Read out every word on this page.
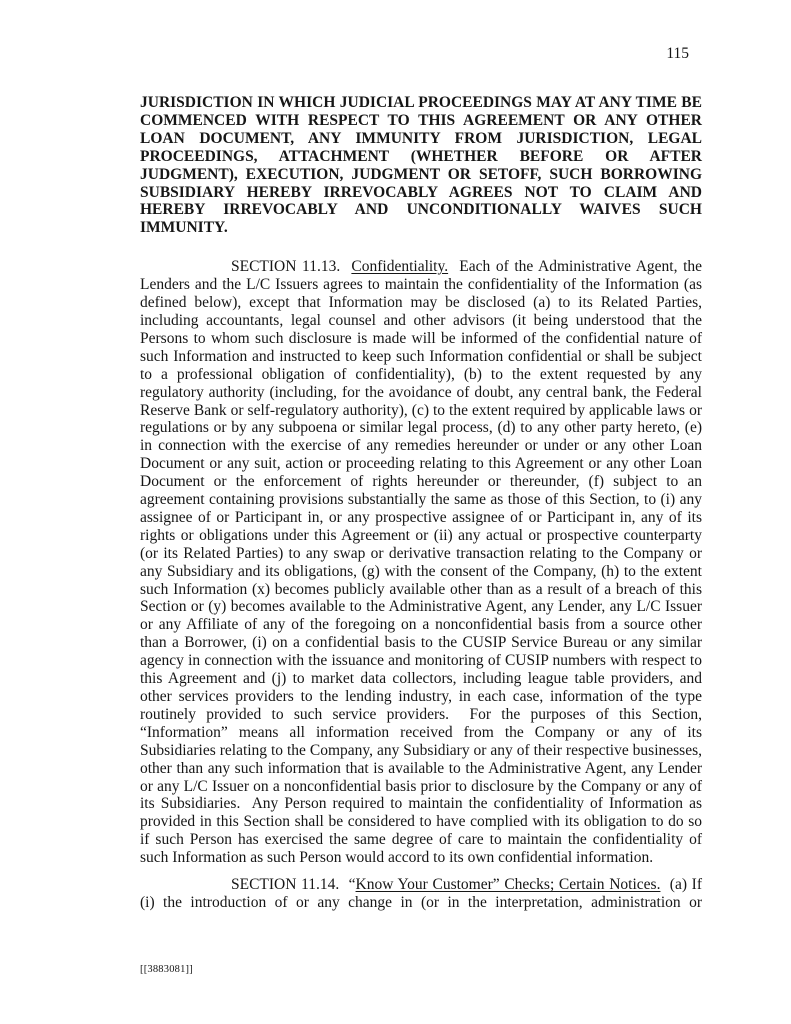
115

JURISDICTION IN WHICH JUDICIAL PROCEEDINGS MAY AT ANY TIME BE COMMENCED WITH RESPECT TO THIS AGREEMENT OR ANY OTHER LOAN DOCUMENT, ANY IMMUNITY FROM JURISDICTION, LEGAL PROCEEDINGS, ATTACHMENT (WHETHER BEFORE OR AFTER JUDGMENT), EXECUTION, JUDGMENT OR SETOFF, SUCH BORROWING SUBSIDIARY HEREBY IRREVOCABLY AGREES NOT TO CLAIM AND HEREBY IRREVOCABLY AND UNCONDITIONALLY WAIVES SUCH IMMUNITY.

SECTION 11.13.  Confidentiality.  Each of the Administrative Agent, the Lenders and the L/C Issuers agrees to maintain the confidentiality of the Information (as defined below), except that Information may be disclosed (a) to its Related Parties, including accountants, legal counsel and other advisors (it being understood that the Persons to whom such disclosure is made will be informed of the confidential nature of such Information and instructed to keep such Information confidential or shall be subject to a professional obligation of confidentiality), (b) to the extent requested by any regulatory authority (including, for the avoidance of doubt, any central bank, the Federal Reserve Bank or self-regulatory authority), (c) to the extent required by applicable laws or regulations or by any subpoena or similar legal process, (d) to any other party hereto, (e) in connection with the exercise of any remedies hereunder or under or any other Loan Document or any suit, action or proceeding relating to this Agreement or any other Loan Document or the enforcement of rights hereunder or thereunder, (f) subject to an agreement containing provisions substantially the same as those of this Section, to (i) any assignee of or Participant in, or any prospective assignee of or Participant in, any of its rights or obligations under this Agreement or (ii) any actual or prospective counterparty (or its Related Parties) to any swap or derivative transaction relating to the Company or any Subsidiary and its obligations, (g) with the consent of the Company, (h) to the extent such Information (x) becomes publicly available other than as a result of a breach of this Section or (y) becomes available to the Administrative Agent, any Lender, any L/C Issuer or any Affiliate of any of the foregoing on a nonconfidential basis from a source other than a Borrower, (i) on a confidential basis to the CUSIP Service Bureau or any similar agency in connection with the issuance and monitoring of CUSIP numbers with respect to this Agreement and (j) to market data collectors, including league table providers, and other services providers to the lending industry, in each case, information of the type routinely provided to such service providers.  For the purposes of this Section, “Information” means all information received from the Company or any of its Subsidiaries relating to the Company, any Subsidiary or any of their respective businesses, other than any such information that is available to the Administrative Agent, any Lender or any L/C Issuer on a nonconfidential basis prior to disclosure by the Company or any of its Subsidiaries.  Any Person required to maintain the confidentiality of Information as provided in this Section shall be considered to have complied with its obligation to do so if such Person has exercised the same degree of care to maintain the confidentiality of such Information as such Person would accord to its own confidential information.

SECTION 11.14.  “Know Your Customer” Checks; Certain Notices.  (a) If (i) the introduction of or any change in (or in the interpretation, administration or

[[3883081]]
